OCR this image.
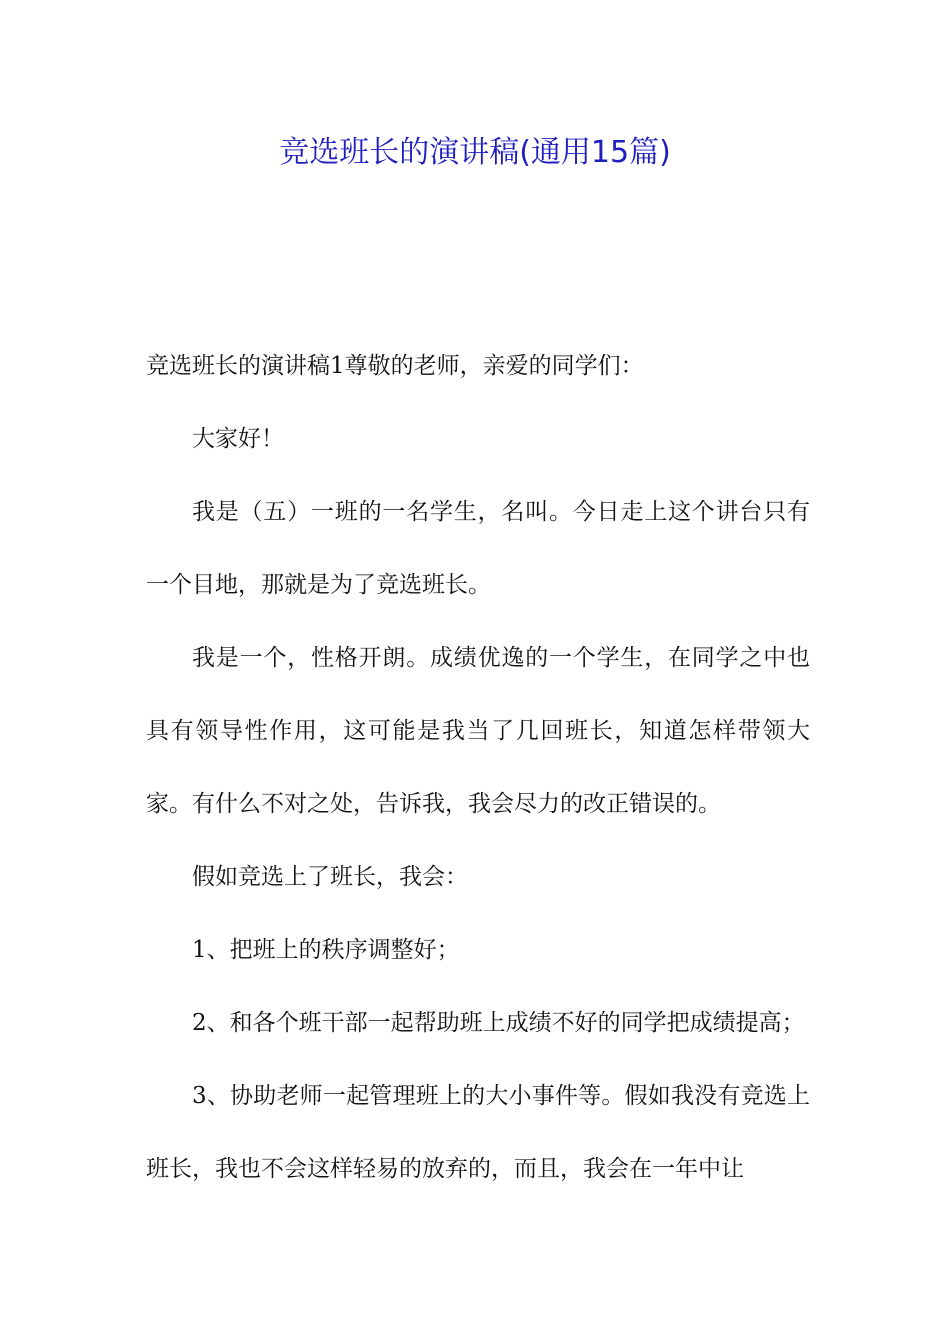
竞选班长的演讲稿(通用15篇)

竞选班长的演讲稿1尊敬的老师，亲爱的同学们：

大家好！

我是（五）一班的一名学生，名叫。今日走上这个讲台只有一个目地，那就是为了竞选班长。

我是一个，性格开朗。成绩优逸的一个学生，在同学之中也具有领导性作用，这可能是我当了几回班长，知道怎样带领大家。有什么不对之处，告诉我，我会尽力的改正错误的。

假如竞选上了班长，我会：

1、把班上的秩序调整好；

2、和各个班干部一起帮助班上成绩不好的同学把成绩提高；

3、协助老师一起管理班上的大小事件等。假如我没有竞选上班长，我也不会这样轻易的放弃的，而且，我会在一年中让
